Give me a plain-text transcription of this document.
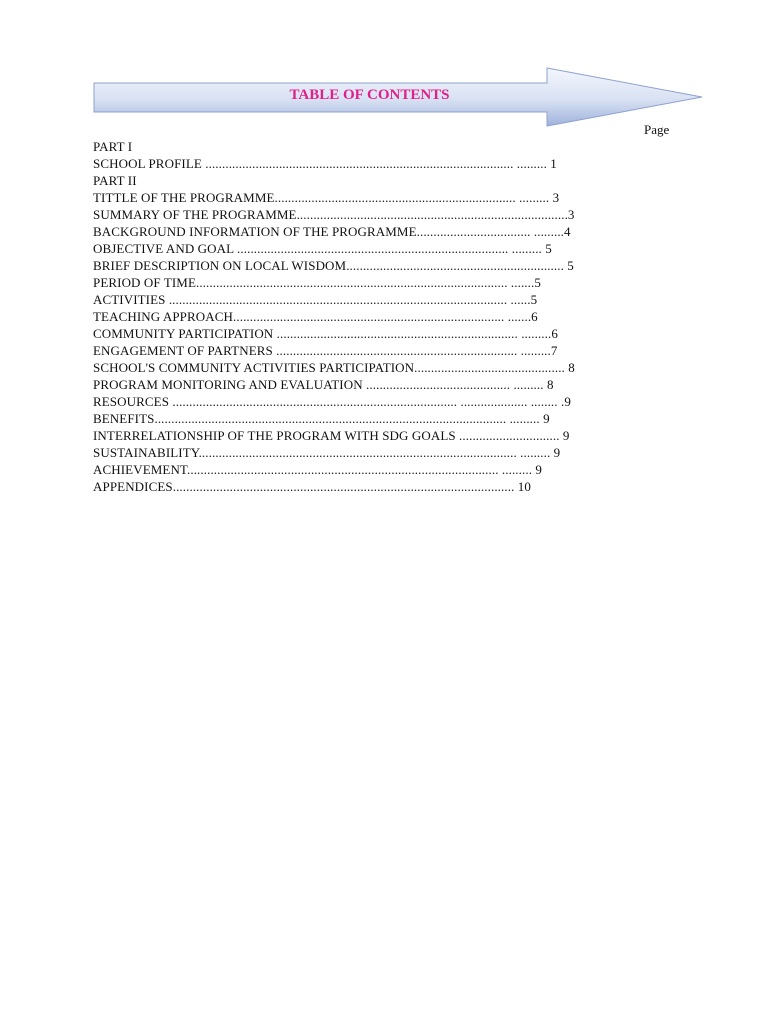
TABLE OF CONTENTS
Page
PART I
SCHOOL PROFILE ............................................................................................ ......... 1
PART II
TITTLE OF THE PROGRAMME........................................................................ ......... 3
SUMMARY OF THE PROGRAMME.................................................................................3
BACKGROUND INFORMATION OF THE PROGRAMME.................................. .........4
OBJECTIVE AND GOAL ................................................................................. ......... 5
BRIEF DESCRIPTION ON LOCAL WISDOM................................................................. 5
PERIOD OF TIME............................................................................................. .......5
ACTIVITIES ..................................................................................................... ......5
TEACHING APPROACH................................................................................. .......6
COMMUNITY PARTICIPATION ........................................................................ .........6
ENGAGEMENT OF PARTNERS ........................................................................ .........7
SCHOOL'S COMMUNITY ACTIVITIES PARTICIPATION............................................. 8
PROGRAM MONITORING AND EVALUATION ........................................... ......... 8
RESOURCES ..................................................................................... .................... ........ .9
BENEFITS......................................................................................................... ......... 9
INTERRELATIONSHIP OF THE PROGRAM WITH SDG GOALS .............................. 9
SUSTAINABILITY............................................................................................... ......... 9
ACHIEVEMENT............................................................................................. ......... 9
APPENDICES...................................................................................................... 10
